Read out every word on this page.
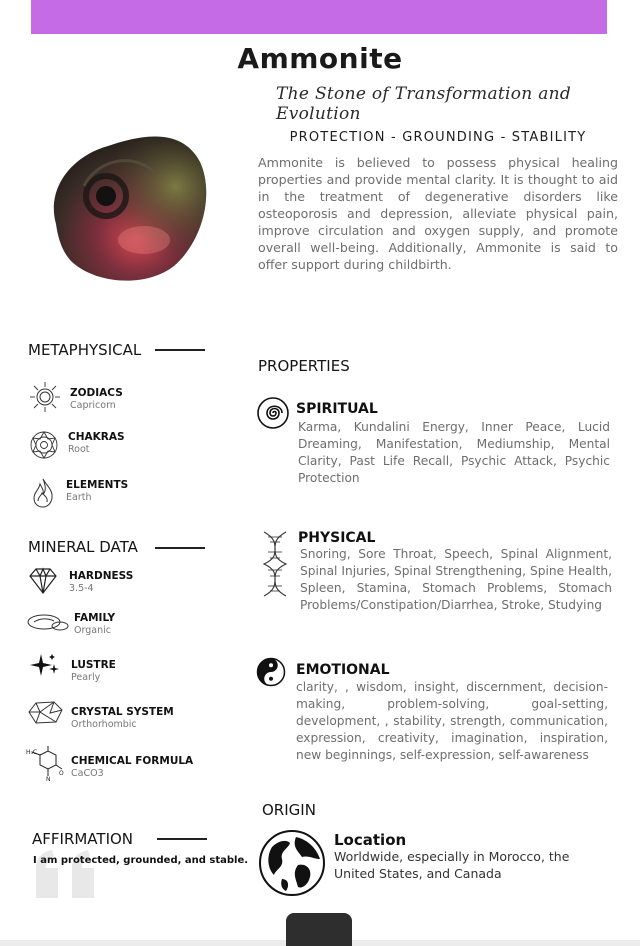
Ammonite
The Stone of Transformation and Evolution
PROTECTION - GROUNDING - STABILITY
Ammonite is believed to possess physical healing properties and provide mental clarity. It is thought to aid in the treatment of degenerative disorders like osteoporosis and depression, alleviate physical pain, improve circulation and oxygen supply, and promote overall well-being. Additionally, Ammonite is said to offer support during childbirth.
METAPHYSICAL
ZODIACS
Capricorn
CHAKRAS
Root
ELEMENTS
Earth
MINERAL DATA
HARDNESS
3.5-4
FAMILY
Organic
LUSTRE
Pearly
CRYSTAL SYSTEM
Orthorhombic
H₃C
N
O
CHEMICAL FORMULA
CaCO3
AFFIRMATION
I am protected, grounded, and stable.
PROPERTIES
SPIRITUAL
Karma, Kundalini Energy, Inner Peace, Lucid Dreaming, Manifestation, Mediumship, Mental Clarity, Past Life Recall, Psychic Attack, Psychic Protection
PHYSICAL
Snoring, Sore Throat, Speech, Spinal Alignment, Spinal Injuries, Spinal Strengthening, Spine Health, Spleen, Stamina, Stomach Problems, Stomach Problems/Constipation/Diarrhea, Stroke, Studying
EMOTIONAL
clarity, , wisdom, insight, discernment, decision-making, problem-solving, goal-setting, development, , stability, strength, communication, expression, creativity, imagination, inspiration, new beginnings, self-expression, self-awareness
ORIGIN
Location
Worldwide, especially in Morocco, the United States, and Canada
